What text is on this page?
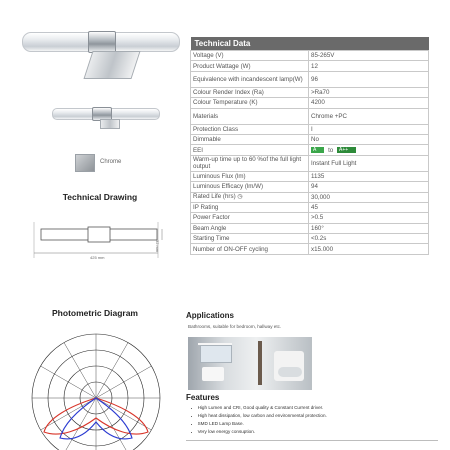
Chrome
Technical Drawing
425 mm
32 mm
Photometric Diagram
Technical Data	
Voltage (V)	85-265V
Product Wattage (W)	12
Equivalence with incandescent lamp(W)	96
Colour Render Index (Ra)	>Ra70
Colour Temperature (K)	4200
Materials	Chrome +PC
Protection Class	I
Dimmable	No
EEI	A to A++
Warm-up time up to 60 %of the full light output	Instant Full Light
Luminous Flux (lm)	1135
Luminous Efficacy (lm/W)	94
Rated Life (hrs) ◷	30,000
IP Rating	45
Power Factor	>0.5
Beam Angle	160°
Starting Time	<0.2s
Number of ON-OFF cycling	x15.000
Applications
Bathrooms, suitable for bedroom, hallway etc.
Features
• High Lumen and CRI, Good quality & Constant Current driver.
• High heat dissipation, low carbon and environmental protection.
• SMD LED Lamp Base.
• Very low energy consuption.
